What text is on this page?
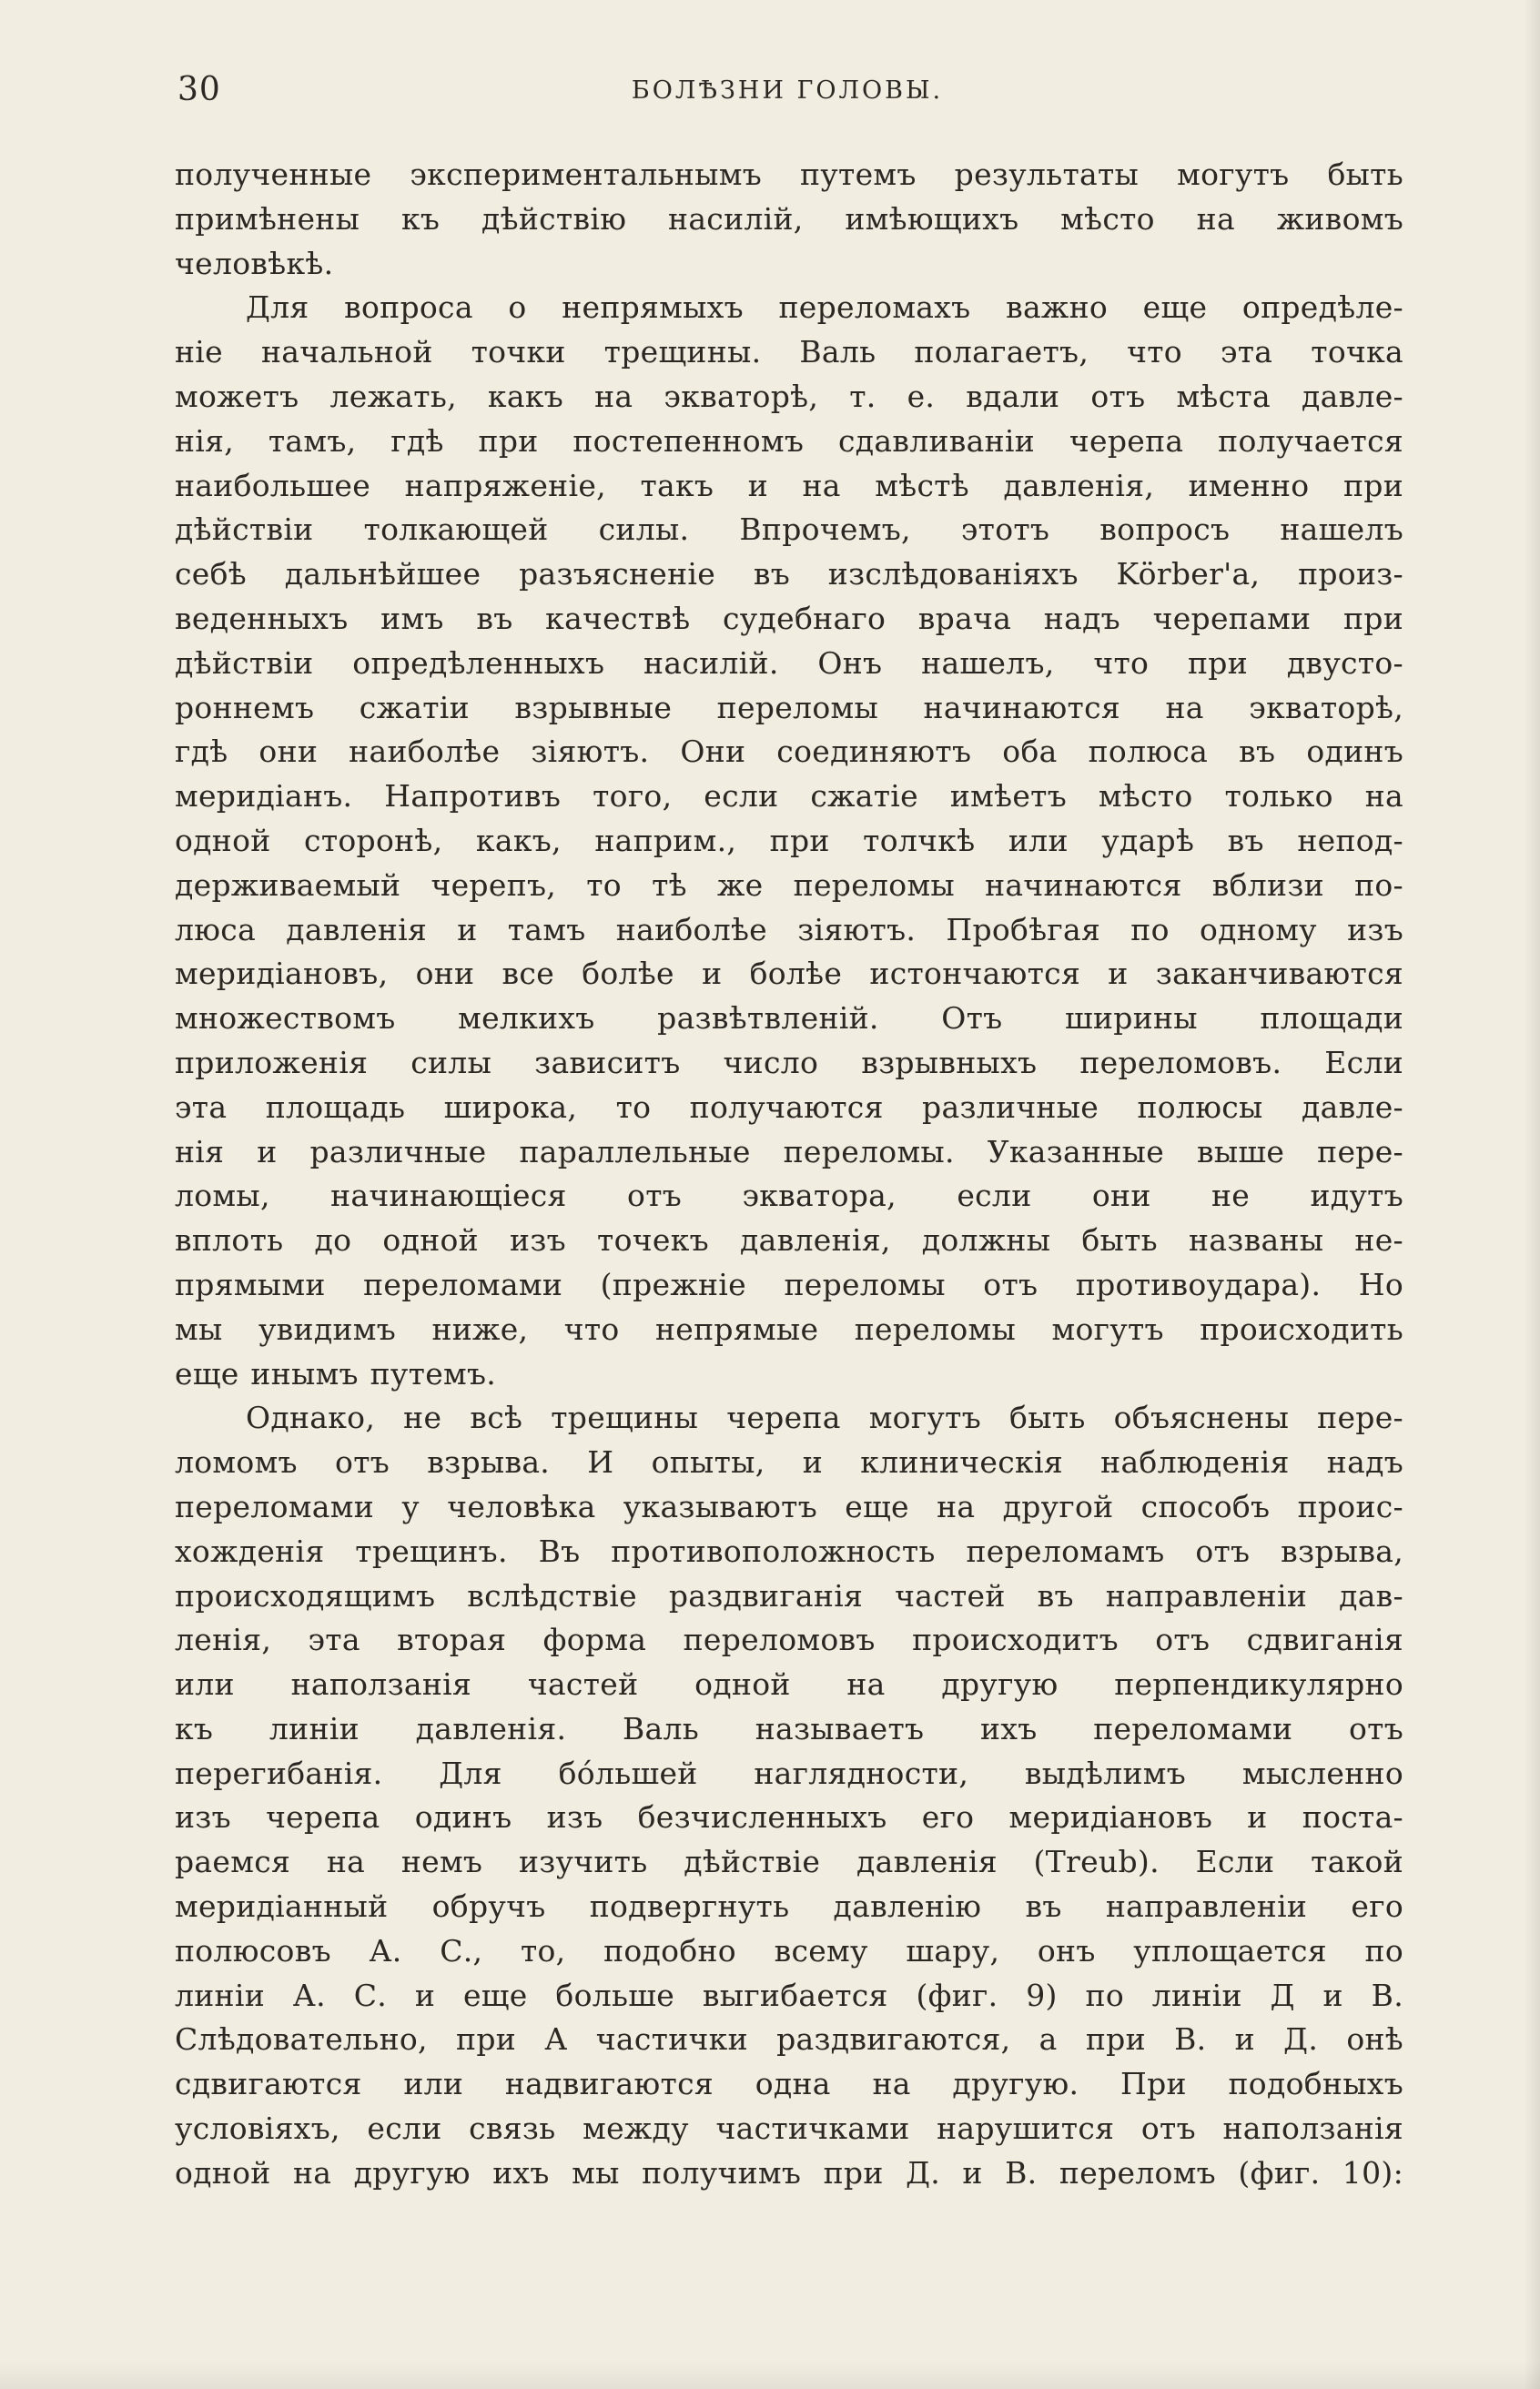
30	БОЛѢЗНИ ГОЛОВЫ.
полученные экспериментальнымъ путемъ результаты могутъ быть
примѣнены къ дѣйствію насилій, имѣющихъ мѣсто на живомъ
человѣкѣ.
Для вопроса о непрямыхъ переломахъ важно еще опредѣле-
ніе начальной точки трещины. Валь полагаетъ, что эта точка
можетъ лежать, какъ на экваторѣ, т. е. вдали отъ мѣста давле-
нія, тамъ, гдѣ при постепенномъ сдавливаніи черепа получается
наибольшее напряженіе, такъ и на мѣстѣ давленія, именно при
дѣйствіи толкающей силы. Впрочемъ, этотъ вопросъ нашелъ
себѣ дальнѣйшее разъясненіе въ изслѣдованіяхъ Körber'a, произ-
веденныхъ имъ въ качествѣ судебнаго врача надъ черепами при
дѣйствіи опредѣленныхъ насилій. Онъ нашелъ, что при двусто-
роннемъ сжатіи взрывные переломы начинаются на экваторѣ,
гдѣ они наиболѣе зіяютъ. Они соединяютъ оба полюса въ одинъ
меридіанъ. Напротивъ того, если сжатіе имѣетъ мѣсто только на
одной сторонѣ, какъ, наприм., при толчкѣ или ударѣ въ непод-
держиваемый черепъ, то тѣ же переломы начинаются вблизи по-
люса давленія и тамъ наиболѣе зіяютъ. Пробѣгая по одному изъ
меридіановъ, они все болѣе и болѣе истончаются и заканчиваются
множествомъ мелкихъ развѣтвленій. Отъ ширины площади
приложенія силы зависитъ число взрывныхъ переломовъ. Если
эта площадь широка, то получаются различные полюсы давле-
нія и различные параллельные переломы. Указанные выше пере-
ломы, начинающіеся отъ экватора, если они не идутъ
вплоть до одной изъ точекъ давленія, должны быть названы не-
прямыми переломами (прежніе переломы отъ противоудара). Но
мы увидимъ ниже, что непрямые переломы могутъ происходить
еще инымъ путемъ.
Однако, не всѣ трещины черепа могутъ быть объяснены пере-
ломомъ отъ взрыва. И опыты, и клиническія наблюденія надъ
переломами у человѣка указываютъ еще на другой способъ проис-
хожденія трещинъ. Въ противоположность переломамъ отъ взрыва,
происходящимъ вслѣдствіе раздвиганія частей въ направленіи дав-
ленія, эта вторая форма переломовъ происходитъ отъ сдвиганія
или наползанія частей одной на другую перпендикулярно
къ линіи давленія. Валь называетъ ихъ переломами отъ
перегибанія. Для бóльшей наглядности, выдѣлимъ мысленно
изъ черепа одинъ изъ безчисленныхъ его меридіановъ и поста-
раемся на немъ изучить дѣйствіе давленія (Treub). Если такой
меридіанный обручъ подвергнуть давленію въ направленіи его
полюсовъ А. С., то, подобно всему шару, онъ уплощается по
линіи А. С. и еще больше выгибается (фиг. 9) по линіи Д и В.
Слѣдовательно, при А частички раздвигаются, а при В. и Д. онѣ
сдвигаются или надвигаются одна на другую. При подобныхъ
условіяхъ, если связь между частичками нарушится отъ наползанія
одной на другую ихъ мы получимъ при Д. и В. переломъ (фиг. 10):
